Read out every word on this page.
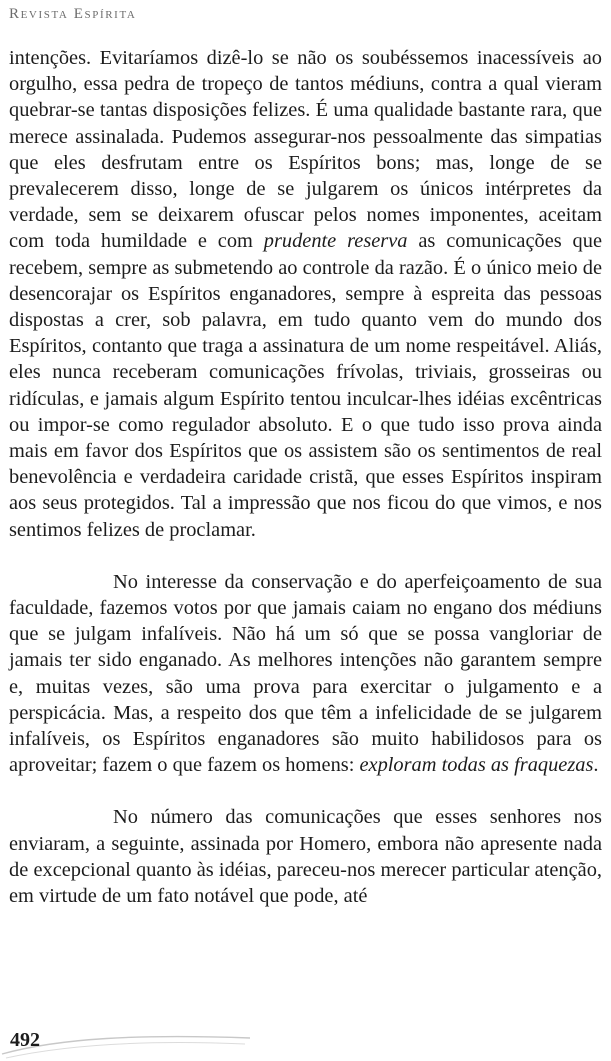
Revista Espírita

intenções. Evitaríamos dizê-lo se não os soubéssemos inacessíveis ao orgulho, essa pedra de tropeço de tantos médiuns, contra a qual vieram quebrar-se tantas disposições felizes. É uma qualidade bastante rara, que merece assinalada. Pudemos assegurar-nos pessoalmente das simpatias que eles desfrutam entre os Espíritos bons; mas, longe de se prevalecerem disso, longe de se julgarem os únicos intérpretes da verdade, sem se deixarem ofuscar pelos nomes imponentes, aceitam com toda humildade e com prudente reserva as comunicações que recebem, sempre as submetendo ao controle da razão. É o único meio de desencorajar os Espíritos enganadores, sempre à espreita das pessoas dispostas a crer, sob palavra, em tudo quanto vem do mundo dos Espíritos, contanto que traga a assinatura de um nome respeitável. Aliás, eles nunca receberam comunicações frívolas, triviais, grosseiras ou ridículas, e jamais algum Espírito tentou inculcar-lhes idéias excêntricas ou impor-se como regulador absoluto. E o que tudo isso prova ainda mais em favor dos Espíritos que os assistem são os sentimentos de real benevolência e verdadeira caridade cristã, que esses Espíritos inspiram aos seus protegidos. Tal a impressão que nos ficou do que vimos, e nos sentimos felizes de proclamar.

No interesse da conservação e do aperfeiçoamento de sua faculdade, fazemos votos por que jamais caiam no engano dos médiuns que se julgam infalíveis. Não há um só que se possa vangloriar de jamais ter sido enganado. As melhores intenções não garantem sempre e, muitas vezes, são uma prova para exercitar o julgamento e a perspicácia. Mas, a respeito dos que têm a infelicidade de se julgarem infalíveis, os Espíritos enganadores são muito habilidosos para os aproveitar; fazem o que fazem os homens: exploram todas as fraquezas.

No número das comunicações que esses senhores nos enviaram, a seguinte, assinada por Homero, embora não apresente nada de excepcional quanto às idéias, pareceu-nos merecer particular atenção, em virtude de um fato notável que pode, até

492
